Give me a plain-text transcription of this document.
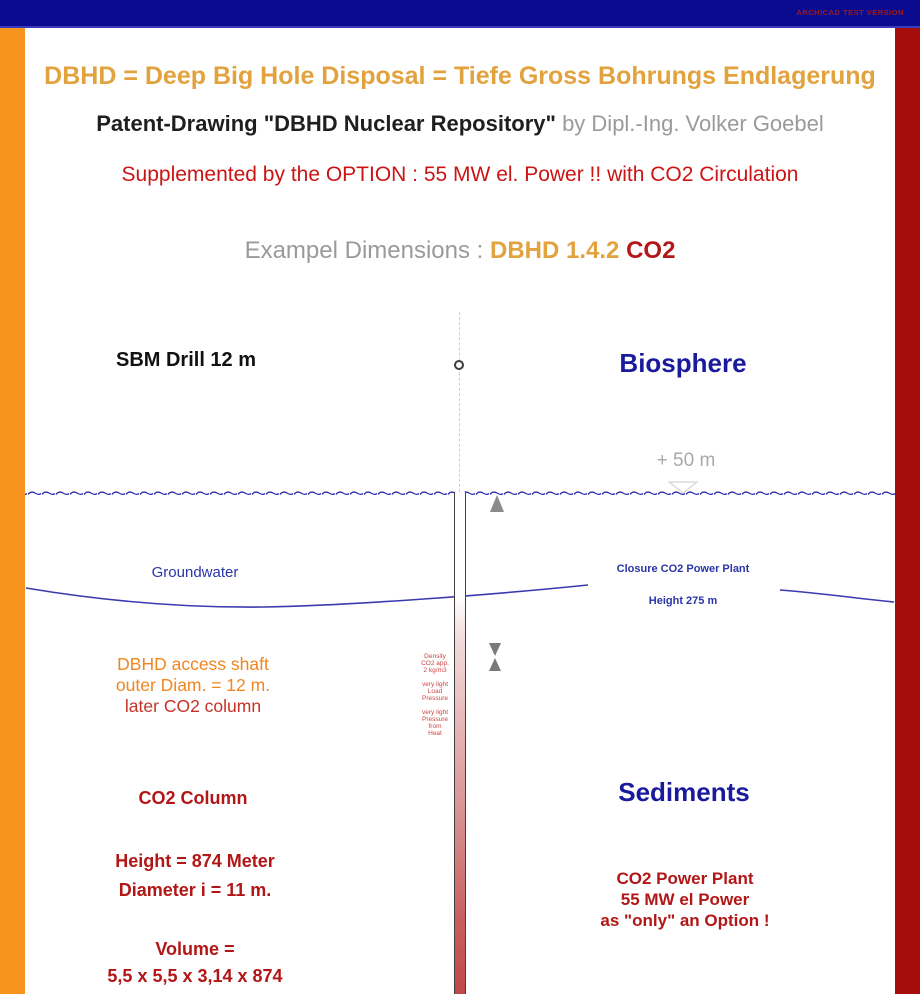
ARCHICAD TEST VERSION
DBHD = Deep Big Hole Disposal = Tiefe Gross Bohrungs Endlagerung
Patent-Drawing "DBHD Nuclear Repository" by Dipl.-Ing. Volker Goebel
Supplemented by the OPTION : 55 MW el. Power !! with CO2 Circulation
Exampel Dimensions : DBHD 1.4.2 CO2
SBM Drill 12 m	Biosphere
+ 50 m
Groundwater	Closure CO2 Power Plant
Height 275 m
DBHD access shaft
outer Diam. = 12 m.
later CO2 column
Density
CO2 app.
2 kg/m3
very light
Load
Pressure
very light
Pressure
from
Heat
CO2 Column
Height = 874 Meter
Diameter i = 11 m.
Volume =
5,5 x 5,5 x 3,14 x 874
Sediments
CO2 Power Plant
55 MW el Power
as "only" an Option !
